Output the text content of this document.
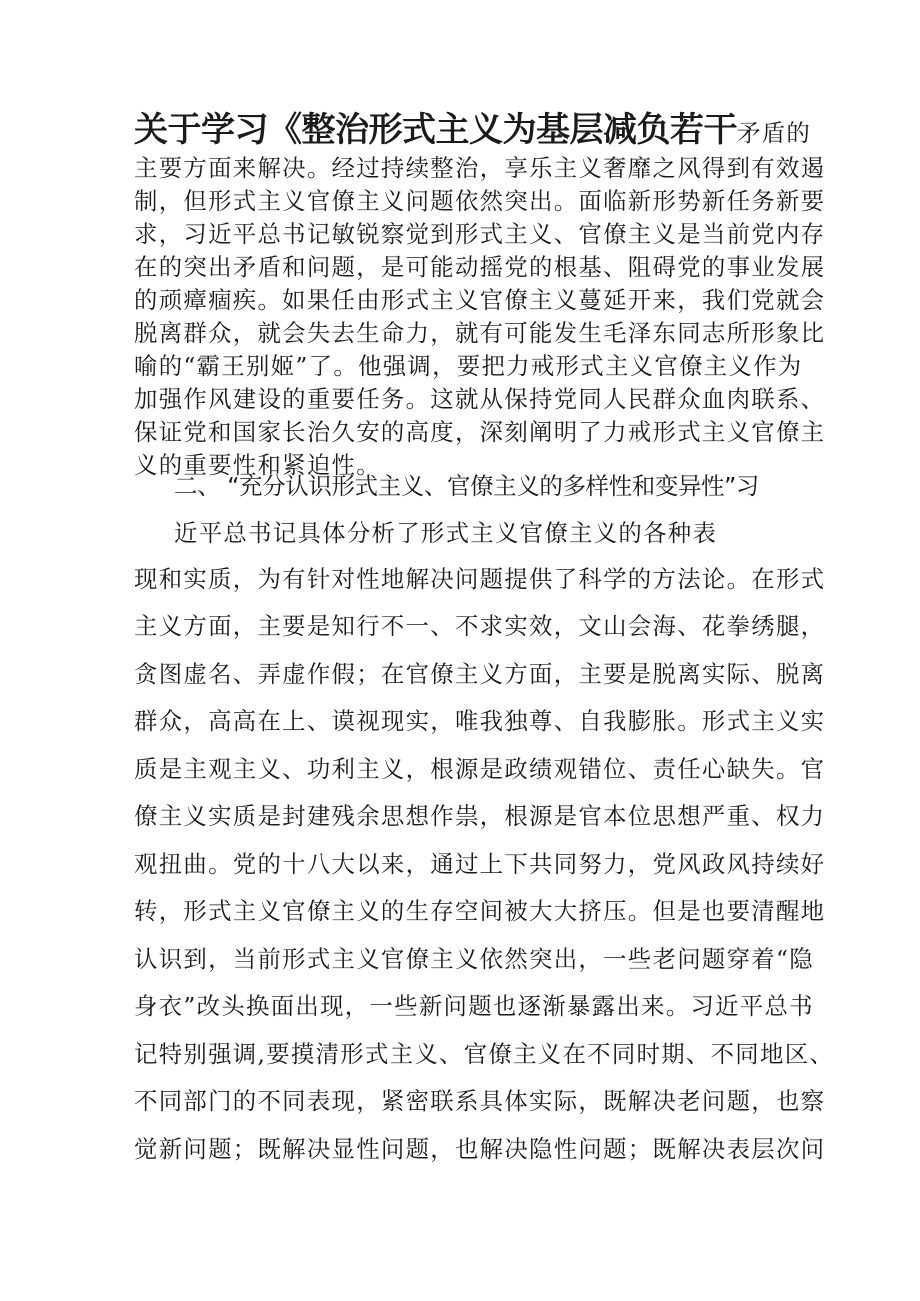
关于学习《整治形式主义为基层减负若干矛盾的
主要方面来解决。经过持续整治，享乐主义奢靡之风得到有效遏
制，但形式主义官僚主义问题依然突出。面临新形势新任务新要
求，习近平总书记敏锐察觉到形式主义、官僚主义是当前党内存
在的突出矛盾和问题，是可能动摇党的根基、阻碍党的事业发展
的顽瘴痼疾。如果任由形式主义官僚主义蔓延开来，我们党就会
脱离群众，就会失去生命力，就有可能发生毛泽东同志所形象比
喻的“霸王别姬”了。他强调，要把力戒形式主义官僚主义作为
加强作风建设的重要任务。这就从保持党同人民群众血肉联系、
保证党和国家长治久安的高度，深刻阐明了力戒形式主义官僚主
义的重要性和紧迫性。
二、 “充分认识形式主义、官僚主义的多样性和变异性”习
近平总书记具体分析了形式主义官僚主义的各种表
现和实质，为有针对性地解决问题提供了科学的方法论。在形式
主义方面，主要是知行不一、不求实效，文山会海、花拳绣腿，
贪图虚名、弄虚作假；在官僚主义方面，主要是脱离实际、脱离
群众，高高在上、谟视现实，唯我独尊、自我膨胀。形式主义实
质是主观主义、功利主义，根源是政绩观错位、责任心缺失。官
僚主义实质是封建残余思想作祟，根源是官本位思想严重、权力
观扭曲。党的十八大以来，通过上下共同努力，党风政风持续好
转，形式主义官僚主义的生存空间被大大挤压。但是也要清醒地
认识到，当前形式主义官僚主义依然突出，一些老问题穿着“隐
身衣”改头换面出现，一些新问题也逐渐暴露出来。习近平总书
记特别强调,要摸清形式主义、官僚主义在不同时期、不同地区、
不同部门的不同表现，紧密联系具体实际，既解决老问题，也察
觉新问题；既解决显性问题，也解决隐性问题；既解决表层次问
